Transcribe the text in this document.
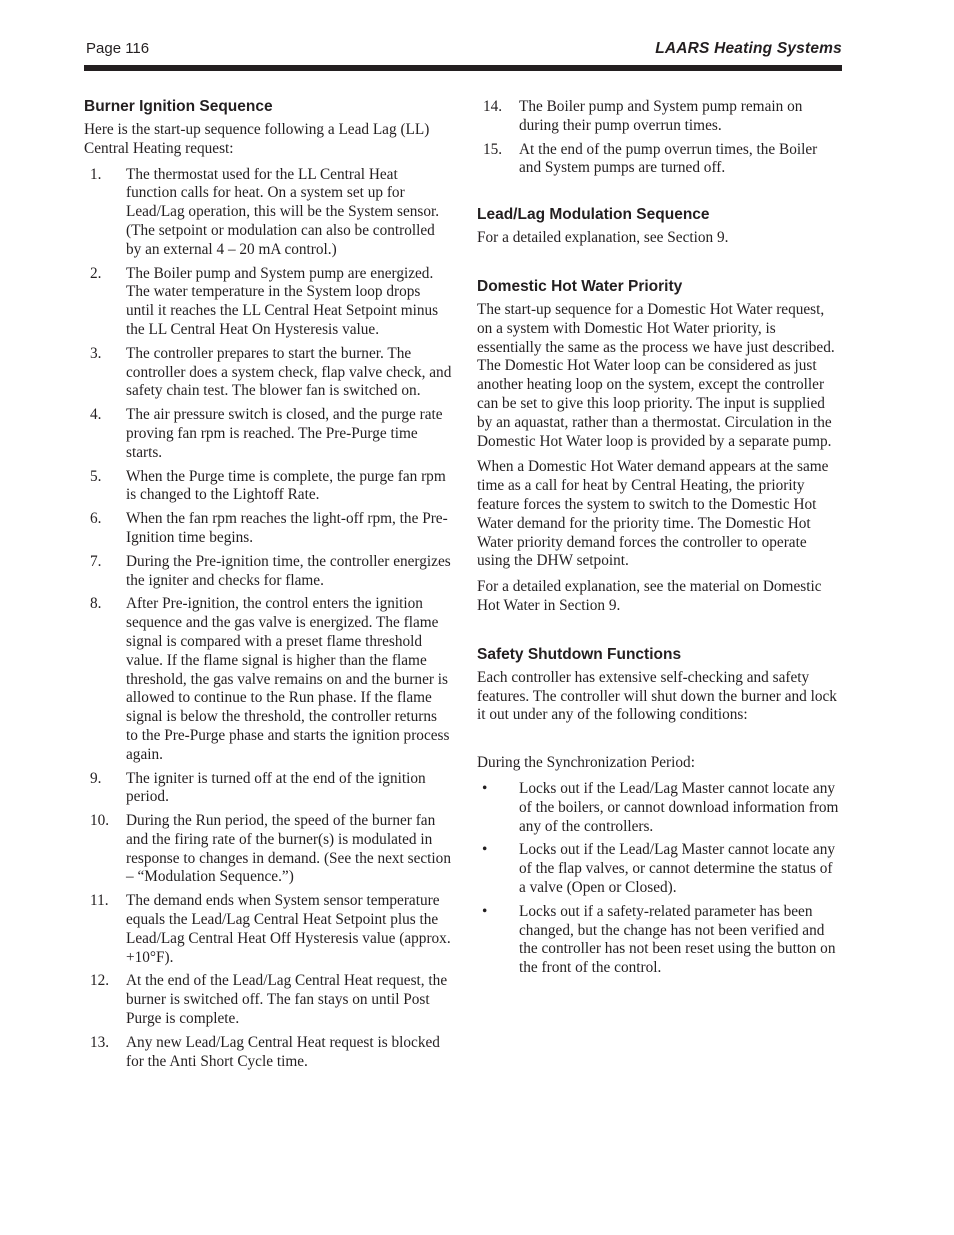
Page 116	LAARS Heating Systems
Burner Ignition Sequence

Here is the start-up sequence following a Lead Lag (LL) Central Heating request:

1. The thermostat used for the LL Central Heat function calls for heat. On a system set up for Lead/Lag operation, this will be the System sensor. (The setpoint or modulation can also be controlled by an external 4 – 20 mA control.)
2. The Boiler pump and System pump are energized. The water temperature in the System loop drops until it reaches the LL Central Heat Setpoint minus the LL Central Heat On Hysteresis value.
3. The controller prepares to start the burner. The controller does a system check, flap valve check, and safety chain test. The blower fan is switched on.
4. The air pressure switch is closed, and the purge rate proving fan rpm is reached. The Pre-Purge time starts.
5. When the Purge time is complete, the purge fan rpm is changed to the Lightoff Rate.
6. When the fan rpm reaches the light-off rpm, the Pre-Ignition time begins.
7. During the Pre-ignition time, the controller energizes the igniter and checks for flame.
8. After Pre-ignition, the control enters the ignition sequence and the gas valve is energized. The flame signal is compared with a preset flame threshold value. If the flame signal is higher than the flame threshold, the gas valve remains on and the burner is allowed to continue to the Run phase. If the flame signal is below the threshold, the controller returns to the Pre-Purge phase and starts the ignition process again.
9. The igniter is turned off at the end of the ignition period.
10. During the Run period, the speed of the burner fan and the firing rate of the burner(s) is modulated in response to changes in demand. (See the next section – “Modulation Sequence.”)
11. The demand ends when System sensor temperature equals the Lead/Lag Central Heat Setpoint plus the Lead/Lag Central Heat Off Hysteresis value (approx. +10°F).
12. At the end of the Lead/Lag Central Heat request, the burner is switched off. The fan stays on until Post Purge is complete.
13. Any new Lead/Lag Central Heat request is blocked for the Anti Short Cycle time.
14. The Boiler pump and System pump remain on during their pump overrun times.
15. At the end of the pump overrun times, the Boiler and System pumps are turned off.
Lead/Lag Modulation Sequence

For a detailed explanation, see Section 9.

Domestic Hot Water Priority

The start-up sequence for a Domestic Hot Water request, on a system with Domestic Hot Water priority, is essentially the same as the process we have just described. The Domestic Hot Water loop can be considered as just another heating loop on the system, except the controller can be set to give this loop priority. The input is supplied by an aquastat, rather than a thermostat. Circulation in the Domestic Hot Water loop is provided by a separate pump.

When a Domestic Hot Water demand appears at the same time as a call for heat by Central Heating, the priority feature forces the system to switch to the Domestic Hot Water demand for the priority time. The Domestic Hot Water priority demand forces the controller to operate using the DHW setpoint.

For a detailed explanation, see the material on Domestic Hot Water in Section 9.

Safety Shutdown Functions

Each controller has extensive self-checking and safety features. The controller will shut down the burner and lock it out under any of the following conditions:

During the Synchronization Period:

• Locks out if the Lead/Lag Master cannot locate any of the boilers, or cannot download information from any of the controllers.
• Locks out if the Lead/Lag Master cannot locate any of the flap valves, or cannot determine the status of a valve (Open or Closed).
• Locks out if a safety-related parameter has been changed, but the change has not been verified and the controller has not been reset using the button on the front of the control.
